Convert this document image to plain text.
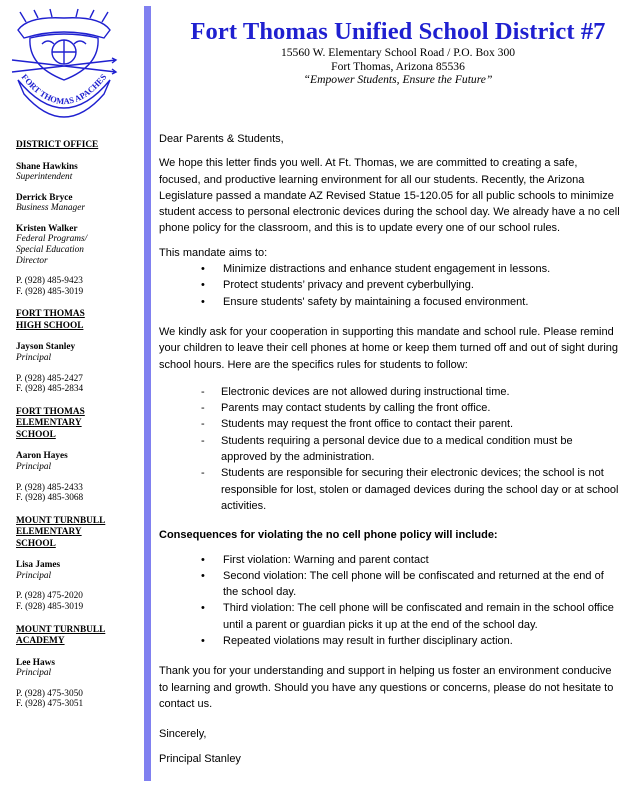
FORT THOMAS APACHES
Fort Thomas Unified School District #7
15560 W. Elementary School Road / P.O. Box 300
Fort Thomas, Arizona 85536
“Empower Students, Ensure the Future”
DISTRICT OFFICE
Shane Hawkins
Superintendent
Derrick Bryce
Business Manager
Kristen Walker
Federal Programs/
Special Education
Director
P. (928) 485-9423
F. (928) 485-3019
FORT THOMAS
HIGH SCHOOL
Jayson Stanley
Principal
P. (928) 485-2427
F. (928) 485-2834
FORT THOMAS
ELEMENTARY
SCHOOL
Aaron Hayes
Principal
P. (928) 485-2433
F. (928) 485-3068
MOUNT TURNBULL
ELEMENTARY
SCHOOL
Lisa James
Principal
P. (928) 475-2020
F. (928) 485-3019
MOUNT TURNBULL
ACADEMY
Lee Haws
Principal
P. (928) 475-3050
F. (928) 475-3051

Dear Parents & Students,

We hope this letter finds you well. At Ft. Thomas, we are committed to creating a safe, focused, and productive learning environment for all our students. Recently, the Arizona Legislature passed a mandate AZ Revised Statue 15-120.05 for all public schools to minimize student access to personal electronic devices during the school day. We already have a no cell phone policy for the classroom, and this is to update every one of our school rules.

This mandate aims to:

• Minimize distractions and enhance student engagement in lessons.
• Protect students’ privacy and prevent cyberbullying.
• Ensure students' safety by maintaining a focused environment.

We kindly ask for your cooperation in supporting this mandate and school rule. Please remind your children to leave their cell phones at home or keep them turned off and out of sight during school hours. Here are the specifics rules for students to follow:

- Electronic devices are not allowed during instructional time.
- Parents may contact students by calling the front office.
- Students may request the front office to contact their parent.
- Students requiring a personal device due to a medical condition must be approved by the administration.
- Students are responsible for securing their electronic devices; the school is not responsible for lost, stolen or damaged devices during the school day or at school activities.

Consequences for violating the no cell phone policy will include:

• First violation: Warning and parent contact
• Second violation: The cell phone will be confiscated and returned at the end of the school day.
• Third violation: The cell phone will be confiscated and remain in the school office until a parent or guardian picks it up at the end of the school day.
• Repeated violations may result in further disciplinary action.

Thank you for your understanding and support in helping us foster an environment conducive to learning and growth. Should you have any questions or concerns, please do not hesitate to contact us.

Sincerely,

Principal Stanley
